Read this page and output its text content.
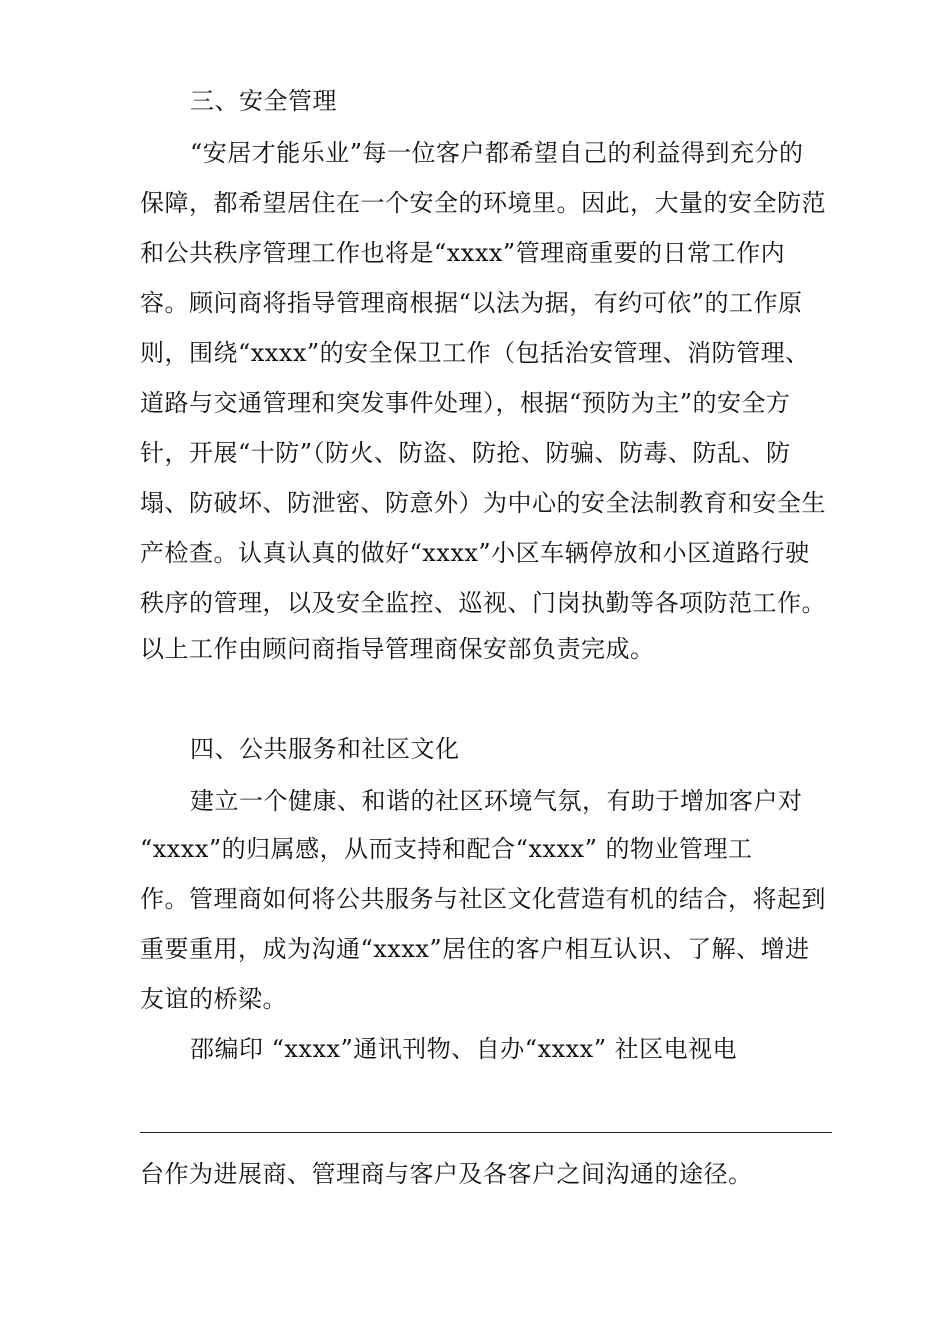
三、安全管理
“安居才能乐业”每一位客户都希望自己的利益得到充分的
保障，都希望居住在一个安全的环境里。因此，大量的安全防范
和公共秩序管理工作也将是“xxxx”管理商重要的日常工作内
容。顾问商将指导管理商根据“以法为据，有约可依”的工作原
则，围绕“xxxx”的安全保卫工作（包括治安管理、消防管理、
道路与交通管理和突发事件处理），根据“预防为主”的安全方
针，开展“十防”（防火、防盗、防抢、防骗、防毒、防乱、防
塌、防破坏、防泄密、防意外）为中心的安全法制教育和安全生
产检查。认真认真的做好“xxxx”小区车辆停放和小区道路行驶
秩序的管理，以及安全监控、巡视、门岗执勤等各项防范工作。
以上工作由顾问商指导管理商保安部负责完成。
四、公共服务和社区文化
建立一个健康、和谐的社区环境气氛，有助于增加客户对
“xxxx”的归属感，从而支持和配合“xxxx” 的物业管理工
作。管理商如何将公共服务与社区文化营造有机的结合，将起到
重要重用，成为沟通“xxxx”居住的客户相互认识、了解、增进
友谊的桥梁。
邵编印 “xxxx”通讯刊物、自办“xxxx” 社区电视电
台作为进展商、管理商与客户及各客户之间沟通的途径。
